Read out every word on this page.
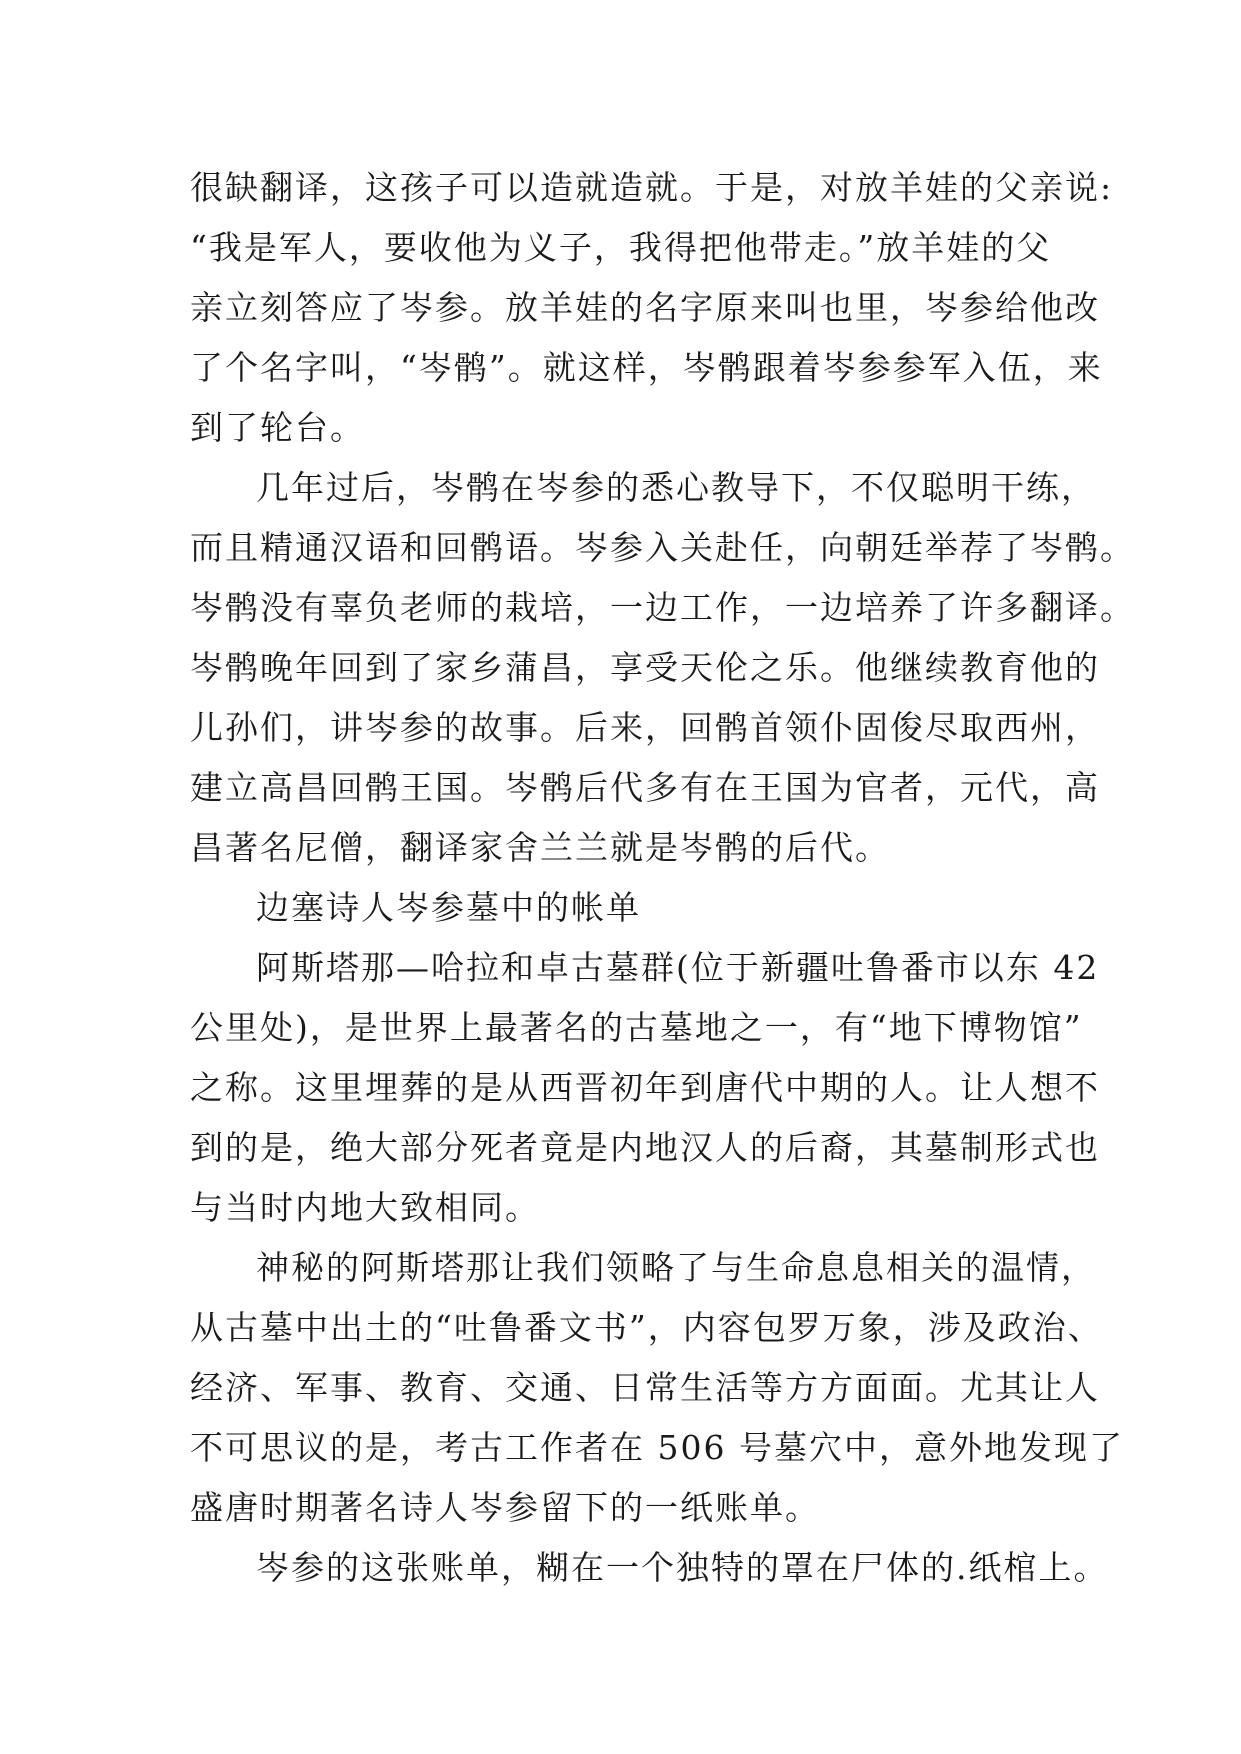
很缺翻译，这孩子可以造就造就。于是，对放羊娃的父亲说:
“我是军人，要收他为义子，我得把他带走。”放羊娃的父
亲立刻答应了岑参。放羊娃的名字原来叫也里，岑参给他改
了个名字叫，“岑鹘”。就这样，岑鹘跟着岑参参军入伍，来
到了轮台。
几年过后，岑鹘在岑参的悉心教导下，不仅聪明干练，
而且精通汉语和回鹘语。岑参入关赴任，向朝廷举荐了岑鹘。
岑鹘没有辜负老师的栽培，一边工作，一边培养了许多翻译。
岑鹘晚年回到了家乡蒲昌，享受天伦之乐。他继续教育他的
儿孙们，讲岑参的故事。后来，回鹘首领仆固俊尽取西州，
建立高昌回鹘王国。岑鹘后代多有在王国为官者，元代，高
昌著名尼僧，翻译家舍兰兰就是岑鹘的后代。
边塞诗人岑参墓中的帐单
阿斯塔那—哈拉和卓古墓群(位于新疆吐鲁番市以东 42
公里处)，是世界上最著名的古墓地之一，有“地下博物馆”
之称。这里埋葬的是从西晋初年到唐代中期的人。让人想不
到的是，绝大部分死者竟是内地汉人的后裔，其墓制形式也
与当时内地大致相同。
神秘的阿斯塔那让我们领略了与生命息息相关的温情，
从古墓中出土的“吐鲁番文书”，内容包罗万象，涉及政治、
经济、军事、教育、交通、日常生活等方方面面。尤其让人
不可思议的是，考古工作者在 506 号墓穴中，意外地发现了
盛唐时期著名诗人岑参留下的一纸账单。
岑参的这张账单，糊在一个独特的罩在尸体的.纸棺上。
